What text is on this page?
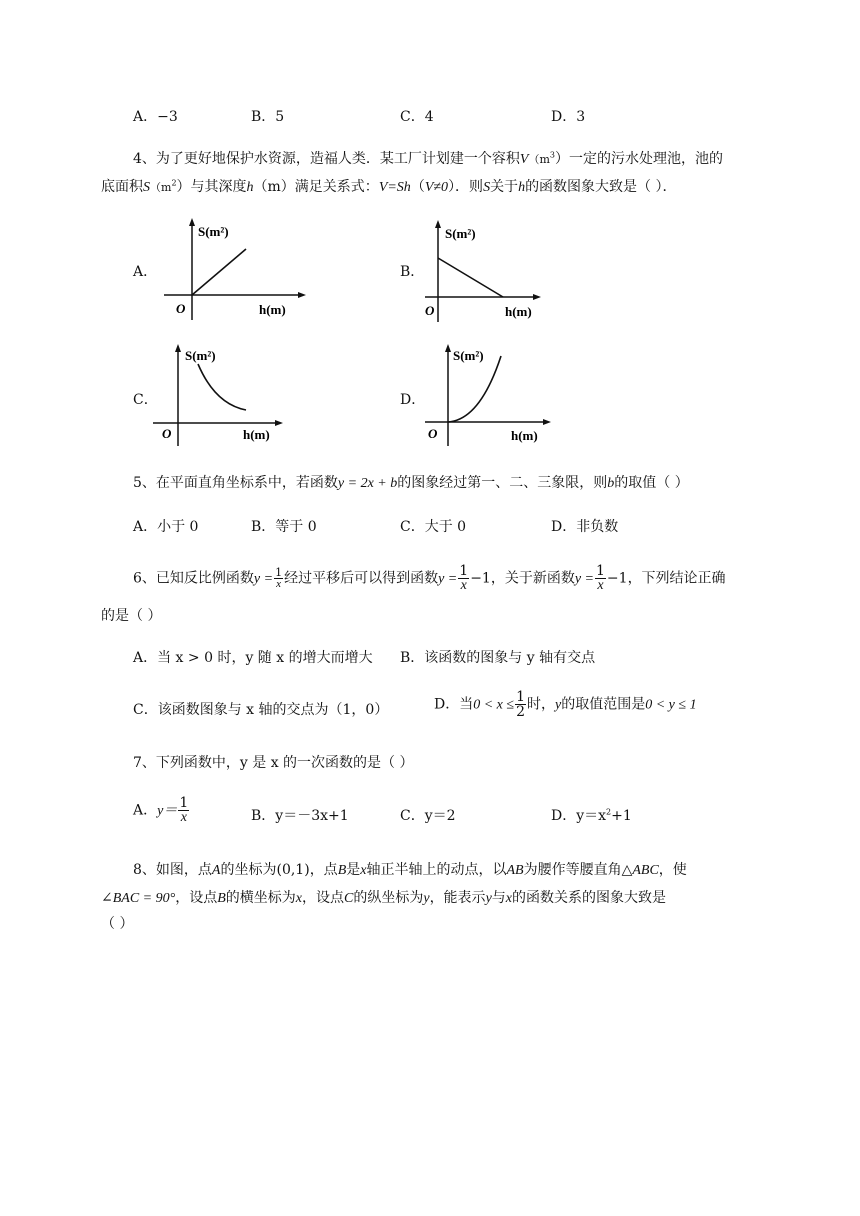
A．−3	B．5	C．4	D．3
4、为了更好地保护水资源，造福人类．某工厂计划建一个容积$V(m^3)$一定的污水处理池，池的
底面积$S(m^2)$与其深度h（m）满足关系式：V=Sh（V≠0）．则S关于h的函数图象大致是（ ）．
A．	B．
C．	D．
S(m²)
h(m)
O
S(m²)
h(m)
O
S(m²)
h(m)
O
S(m²)
h(m)
O
5、在平面直角坐标系中，若函数y = 2x + b的图象经过第一、二、三象限，则b的取值（ ）
A．小于 0	B．等于 0	C．大于 0	D．非负数
6、已知反比例函数$y = \frac{1}{x}$ 经过平移后可以得到函数$y = \frac{1}{x} -1$，关于新函数$y = \frac{1}{x} -1$，下列结论正确
的是（ ）
A．当 x > 0 时，y 随 x 的增大而增大 B．该函数的图象与 y 轴有交点
C．该函数图象与 x 轴的交点为（1，0）	D．当$0 < x \le \frac{1}{2}$ 时，y的取值范围是0 < y ≤ 1
7、下列函数中，y 是 x 的一次函数的是（ ）
A．$y= \frac{1}{x}$	B．y＝－3x+1	C．y＝2	D．$y=x^2+1$
8、如图，点A的坐标为(0,1)，点B是x轴正半轴上的动点，以AB为腰作等腰直角△ABC，使
∠BAC = 90°，设点B的横坐标为x，设点C的纵坐标为y，能表示y与x的函数关系的图象大致是
（ ）
